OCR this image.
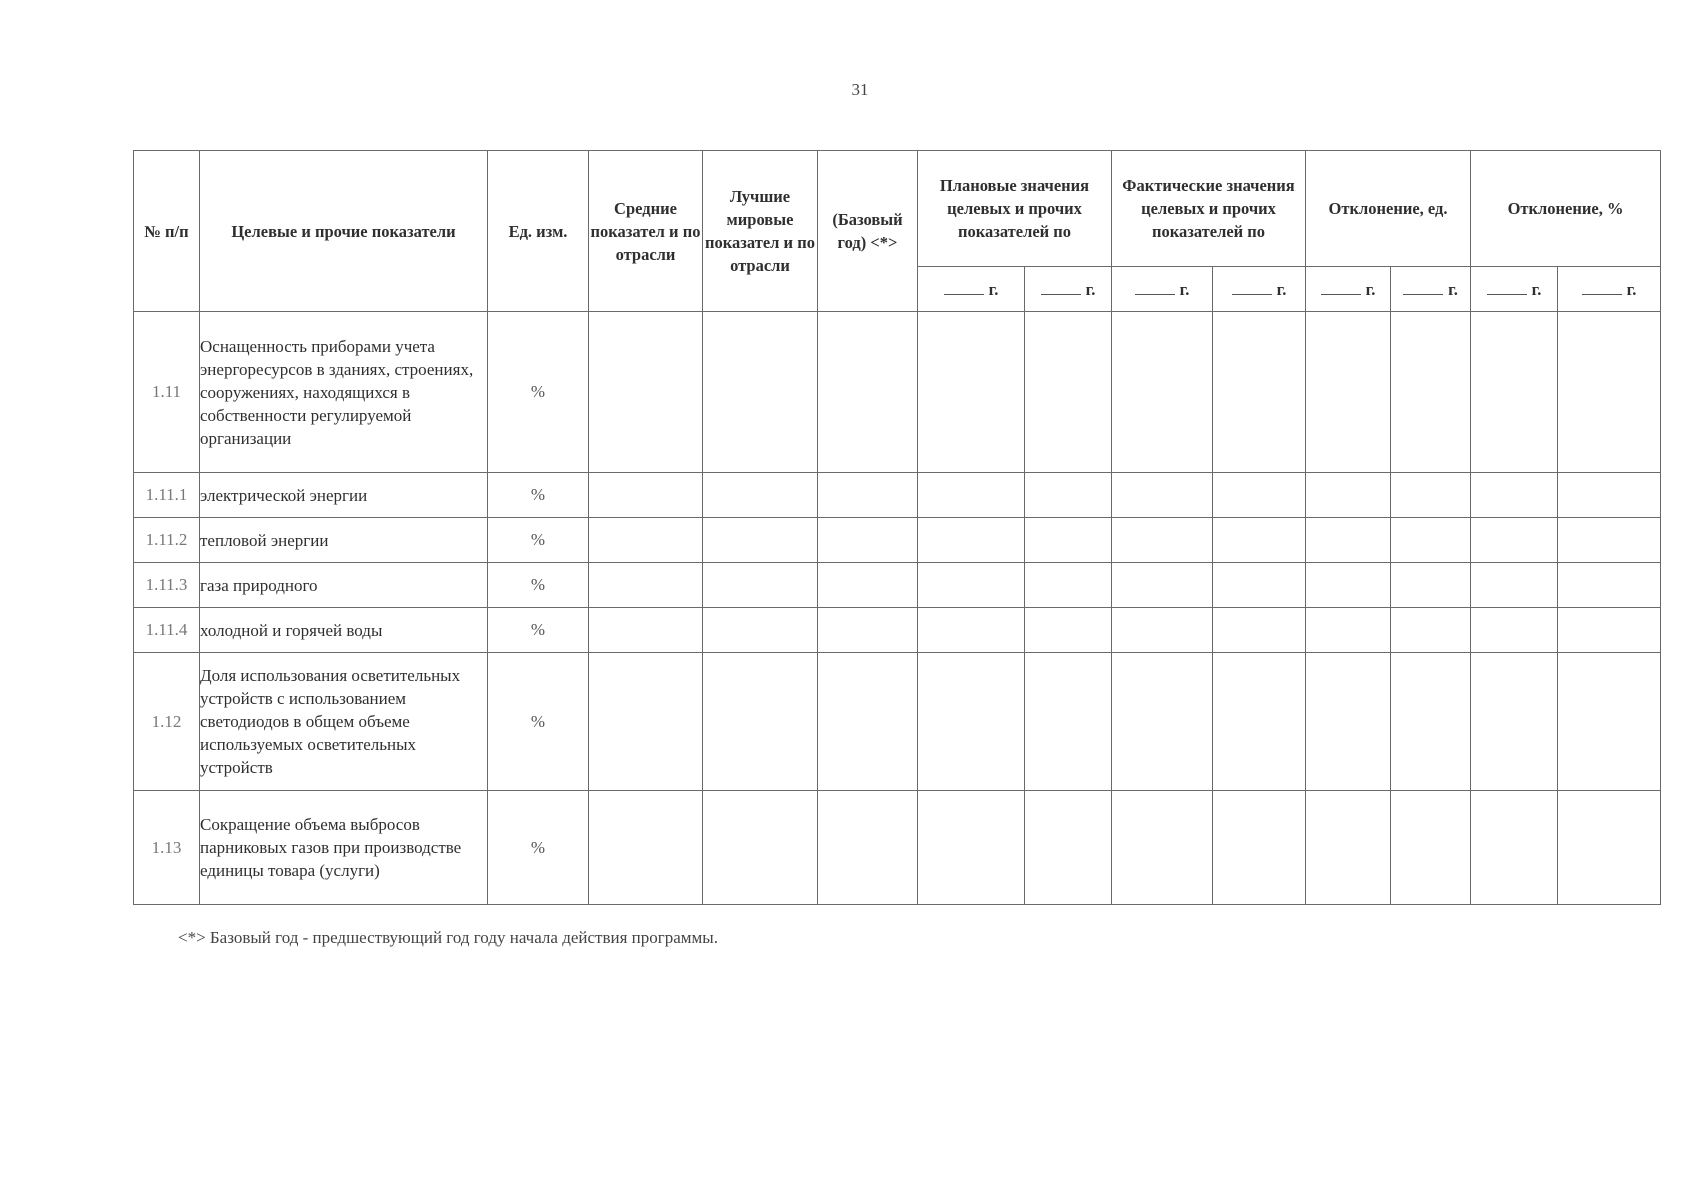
31
№ п/п	Целевые и прочие показатели	Ед. изм.	Средние показател и по отрасли	Лучшие мировые показател и по отрасли	(Базовый год) <*>	Плановые значения целевых и прочих показателей по		Фактические значения целевых и прочих показателей по		Отклонение, ед.		Отклонение, %	
						г.	г.	г.	г.	г.	г.	г.	г.
1.11	Оснащенность приборами учета энергоресурсов в зданиях, строениях, сооружениях, находящихся в собственности регулируемой организации	%											
1.11.1	электрической энергии	%											
1.11.2	тепловой энергии	%											
1.11.3	газа природного	%											
1.11.4	холодной и горячей воды	%											
1.12	Доля использования осветительных устройств с использованием светодиодов в общем объеме используемых осветительных устройств	%											
1.13	Сокращение объема выбросов парниковых газов при производстве единицы товара (услуги)	%											
<*> Базовый год - предшествующий год году начала действия программы.
